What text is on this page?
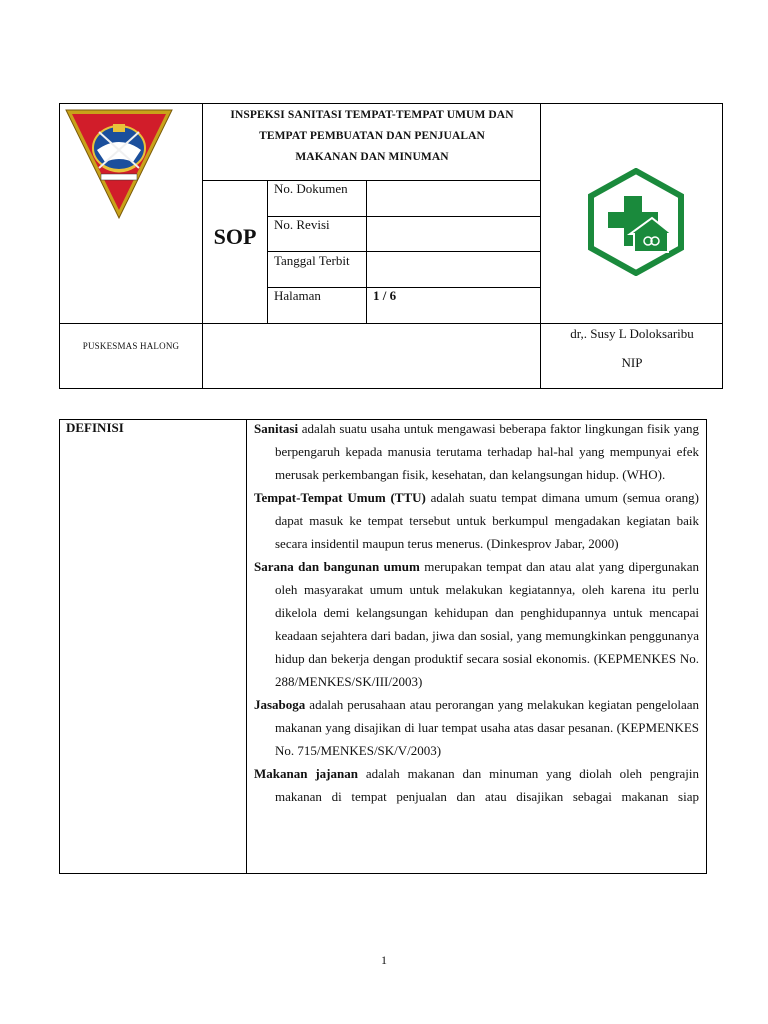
INSPEKSI SANITASI TEMPAT-TEMPAT UMUM DAN
TEMPAT PEMBUATAN DAN PENJUALAN
MAKANAN DAN MINUMAN
SOP
No. Dokumen
No. Revisi
Tanggal Terbit
Halaman	1 / 6
PUSKESMAS HALONG
dr,. Susy L Doloksaribu
NIP
DEFINISI	Sanitasi adalah suatu usaha untuk mengawasi beberapa faktor lingkungan fisik yang berpengaruh kepada manusia terutama terhadap hal-hal yang mempunyai efek merusak perkembangan fisik, kesehatan, dan kelangsungan hidup. (WHO).

Tempat-Tempat Umum (TTU) adalah suatu tempat dimana umum (semua orang) dapat masuk ke tempat tersebut untuk berkumpul mengadakan kegiatan baik secara insidentil maupun terus menerus. (Dinkesprov Jabar, 2000)

Sarana dan bangunan umum merupakan tempat dan atau alat yang dipergunakan oleh masyarakat umum untuk melakukan kegiatannya, oleh karena itu perlu dikelola demi kelangsungan kehidupan dan penghidupannya untuk mencapai keadaan sejahtera dari badan, jiwa dan sosial, yang memungkinkan penggunanya hidup dan bekerja dengan produktif secara sosial ekonomis. (KEPMENKES No. 288/MENKES/SK/III/2003)

Jasaboga adalah perusahaan atau perorangan yang melakukan kegiatan pengelolaan makanan yang disajikan di luar tempat usaha atas dasar pesanan. (KEPMENKES No. 715/MENKES/SK/V/2003)

Makanan jajanan adalah makanan dan minuman yang diolah oleh pengrajin makanan di tempat penjualan dan atau disajikan sebagai makanan siap

1
